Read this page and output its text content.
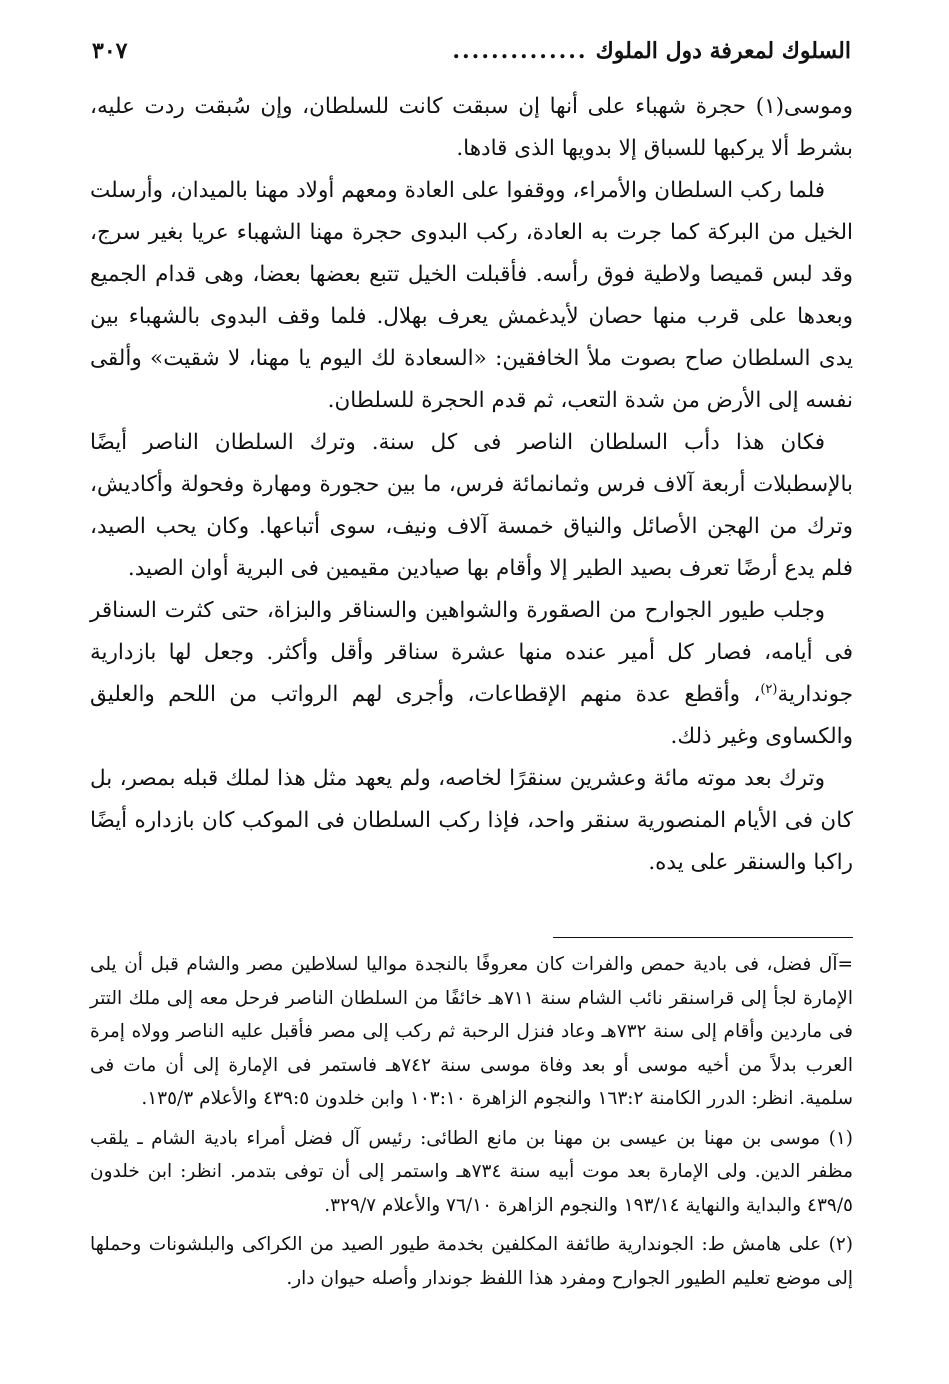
السلوك لمعرفة دول الملوك
..............
٣٠٧

وموسى(١) حجرة شهباء على أنها إن سبقت كانت للسلطان، وإن سُبقت ردت عليه، بشرط ألا يركبها للسباق إلا بدويها الذى قادها.

فلما ركب السلطان والأمراء، ووقفوا على العادة ومعهم أولاد مهنا بالميدان، وأرسلت الخيل من البركة كما جرت به العادة، ركب البدوى حجرة مهنا الشهباء عريا بغير سرج، وقد لبس قميصا ولاطية فوق رأسه. فأقبلت الخيل تتبع بعضها بعضا، وهى قدام الجميع وبعدها على قرب منها حصان لأيدغمش يعرف بهلال. فلما وقف البدوى بالشهباء بين يدى السلطان صاح بصوت ملأ الخافقين: «السعادة لك اليوم يا مهنا، لا شقيت» وألقى نفسه إلى الأرض من شدة التعب، ثم قدم الحجرة للسلطان.

فكان هذا دأب السلطان الناصر فى كل سنة. وترك السلطان الناصر أيضًا بالإسطبلات أربعة آلاف فرس وثمانمائة فرس، ما بين حجورة ومهارة وفحولة وأكاديش، وترك من الهجن الأصائل والنياق خمسة آلاف ونيف، سوى أتباعها. وكان يحب الصيد، فلم يدع أرضًا تعرف بصيد الطير إلا وأقام بها صيادين مقيمين فى البرية أوان الصيد.

وجلب طيور الجوارح من الصقورة والشواهين والسناقر والبزاة، حتى كثرت السناقر فى أيامه، فصار كل أمير عنده منها عشرة سناقر وأقل وأكثر. وجعل لها بازدارية جوندارية$^{(٢)}$، وأقطع عدة منهم الإقطاعات، وأجرى لهم الرواتب من اللحم والعليق والكساوى وغير ذلك.

وترك بعد موته مائة وعشرين سنقرًا لخاصه، ولم يعهد مثل هذا لملك قبله بمصر، بل كان فى الأيام المنصورية سنقر واحد، فإذا ركب السلطان فى الموكب كان بازداره أيضًا راكبا والسنقر على يده.

=آل فضل، فى بادية حمص والفرات كان معروفًا بالنجدة مواليا لسلاطين مصر والشام قبل أن يلى الإمارة لجأ إلى قراسنقر نائب الشام سنة ٧١١هـ خائفًا من السلطان الناصر فرحل معه إلى ملك التتر فى ماردين وأقام إلى سنة ٧٣٢هـ وعاد فنزل الرحبة ثم ركب إلى مصر فأقبل عليه الناصر وولاه إمرة العرب بدلاً من أخيه موسى أو بعد وفاة موسى سنة ٧٤٢هـ فاستمر فى الإمارة إلى أن مات فى سلمية. انظر: الدرر الكامنة ١٦٣:٢ والنجوم الزاهرة ١٠٣:١٠ وابن خلدون ٤٣٩:٥ والأعلام ١٣٥/٣.

(١) موسى بن مهنا بن عيسى بن مهنا بن مانع الطائى: رئيس آل فضل أمراء بادية الشام ـ يلقب مظفر الدين. ولى الإمارة بعد موت أبيه سنة ٧٣٤هـ واستمر إلى أن توفى بتدمر. انظر: ابن خلدون ٤٣٩/٥ والبداية والنهاية ١٩٣/١٤ والنجوم الزاهرة ٧٦/١٠ والأعلام ٣٢٩/٧.

(٢) على هامش ط: الجوندارية طائفة المكلفين بخدمة طيور الصيد من الكراكى والبلشونات وحملها إلى موضع تعليم الطيور الجوارح ومفرد هذا اللفظ جوندار وأصله حيوان دار.
